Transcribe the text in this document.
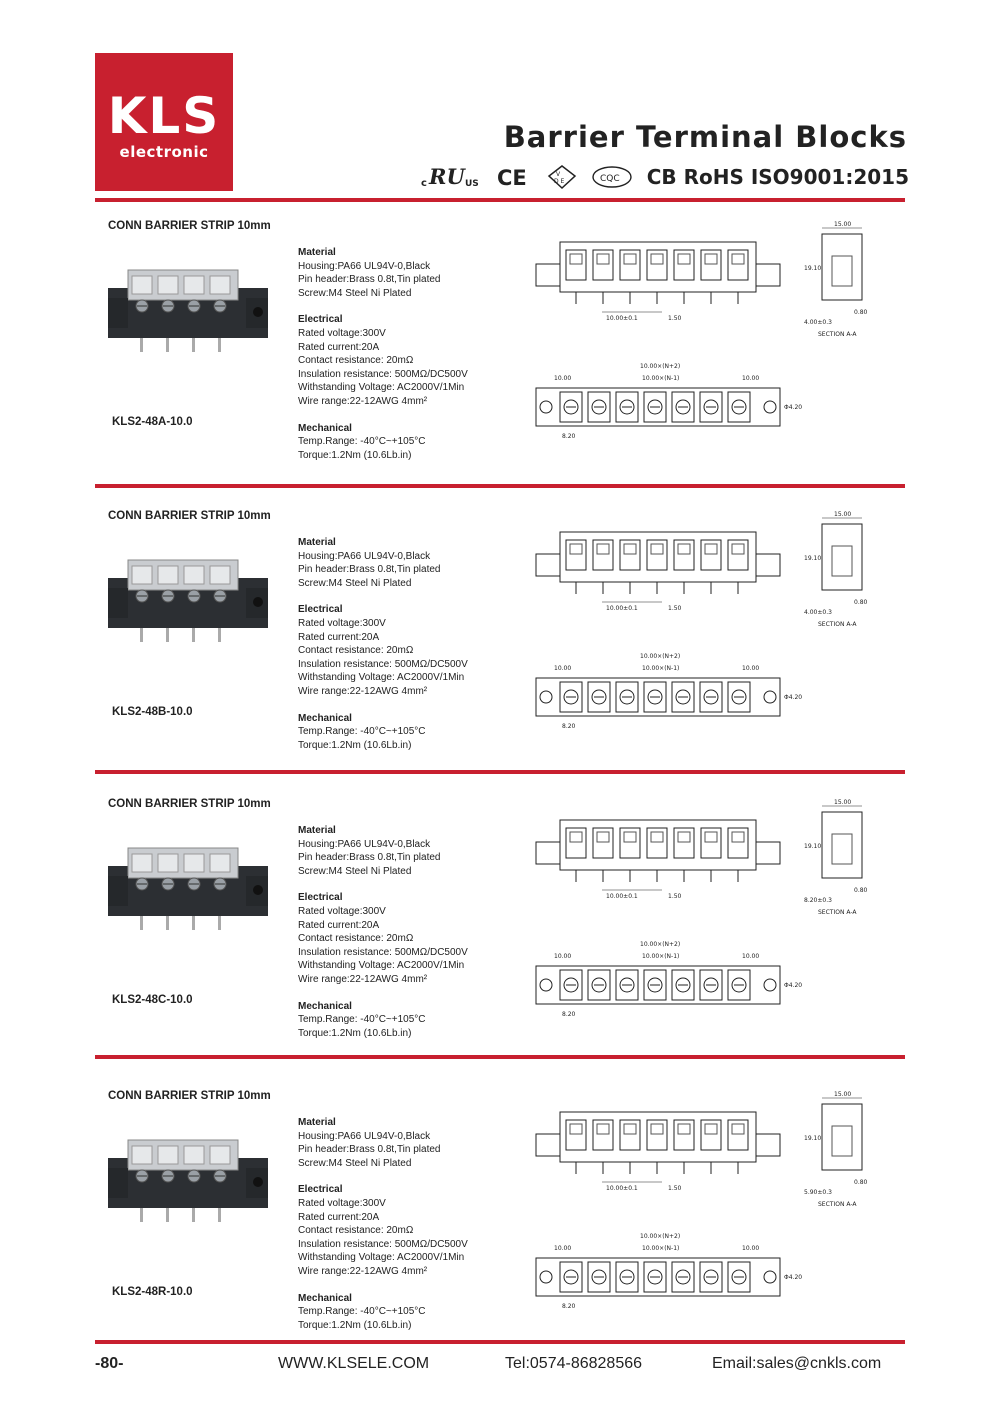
KLS
electronic	Barrier Terminal Blocks
c RU US CE	V
D E	CQC CB RoHS ISO9001:2015
CONN BARRIER STRIP 10mm
KLS2-48A-10.0
Material
Housing:PA66 UL94V-0,Black
Pin header:Brass 0.8t,Tin plated
Screw:M4 Steel Ni Plated
Electrical
Rated voltage:300V
Rated current:20A
Contact resistance: 20mΩ
Insulation resistance: 500MΩ/DC500V
Withstanding Voltage: AC2000V/1Min
Wire range:22-12AWG 4mm²
Mechanical
Temp.Range: -40°C~+105°C
Torque:1.2Nm (10.6Lb.in)
10.00±0.1	1.50
15.00
19.10
0.80
4.00±0.3
SECTION A-A
10.00×(N+2)
10.00	10.00×(N-1)	10.00
Φ4.20
8.20
CONN BARRIER STRIP 10mm
KLS2-48B-10.0
Material
Housing:PA66 UL94V-0,Black
Pin header:Brass 0.8t,Tin plated
Screw:M4 Steel Ni Plated
Electrical
Rated voltage:300V
Rated current:20A
Contact resistance: 20mΩ
Insulation resistance: 500MΩ/DC500V
Withstanding Voltage: AC2000V/1Min
Wire range:22-12AWG 4mm²
Mechanical
Temp.Range: -40°C~+105°C
Torque:1.2Nm (10.6Lb.in)
10.00±0.1	1.50
15.00
19.10
0.80
4.00±0.3
SECTION A-A
10.00×(N+2)
10.00	10.00×(N-1)	10.00
Φ4.20
8.20
CONN BARRIER STRIP 10mm
KLS2-48C-10.0
Material
Housing:PA66 UL94V-0,Black
Pin header:Brass 0.8t,Tin plated
Screw:M4 Steel Ni Plated
Electrical
Rated voltage:300V
Rated current:20A
Contact resistance: 20mΩ
Insulation resistance: 500MΩ/DC500V
Withstanding Voltage: AC2000V/1Min
Wire range:22-12AWG 4mm²
Mechanical
Temp.Range: -40°C~+105°C
Torque:1.2Nm (10.6Lb.in)
10.00±0.1	1.50
15.00
19.10
0.80
8.20±0.3
SECTION A-A
10.00×(N+2)
10.00	10.00×(N-1)	10.00
Φ4.20
8.20
CONN BARRIER STRIP 10mm
KLS2-48R-10.0
Material
Housing:PA66 UL94V-0,Black
Pin header:Brass 0.8t,Tin plated
Screw:M4 Steel Ni Plated
Electrical
Rated voltage:300V
Rated current:20A
Contact resistance: 20mΩ
Insulation resistance: 500MΩ/DC500V
Withstanding Voltage: AC2000V/1Min
Wire range:22-12AWG 4mm²
Mechanical
Temp.Range: -40°C~+105°C
Torque:1.2Nm (10.6Lb.in)
10.00±0.1	1.50
15.00
19.10
0.80
5.90±0.3
SECTION A-A
10.00×(N+2)
10.00	10.00×(N-1)	10.00
Φ4.20
8.20
-80-	WWW.KLSELE.COM	Tel:0574-86828566	Email:sales@cnkls.com
